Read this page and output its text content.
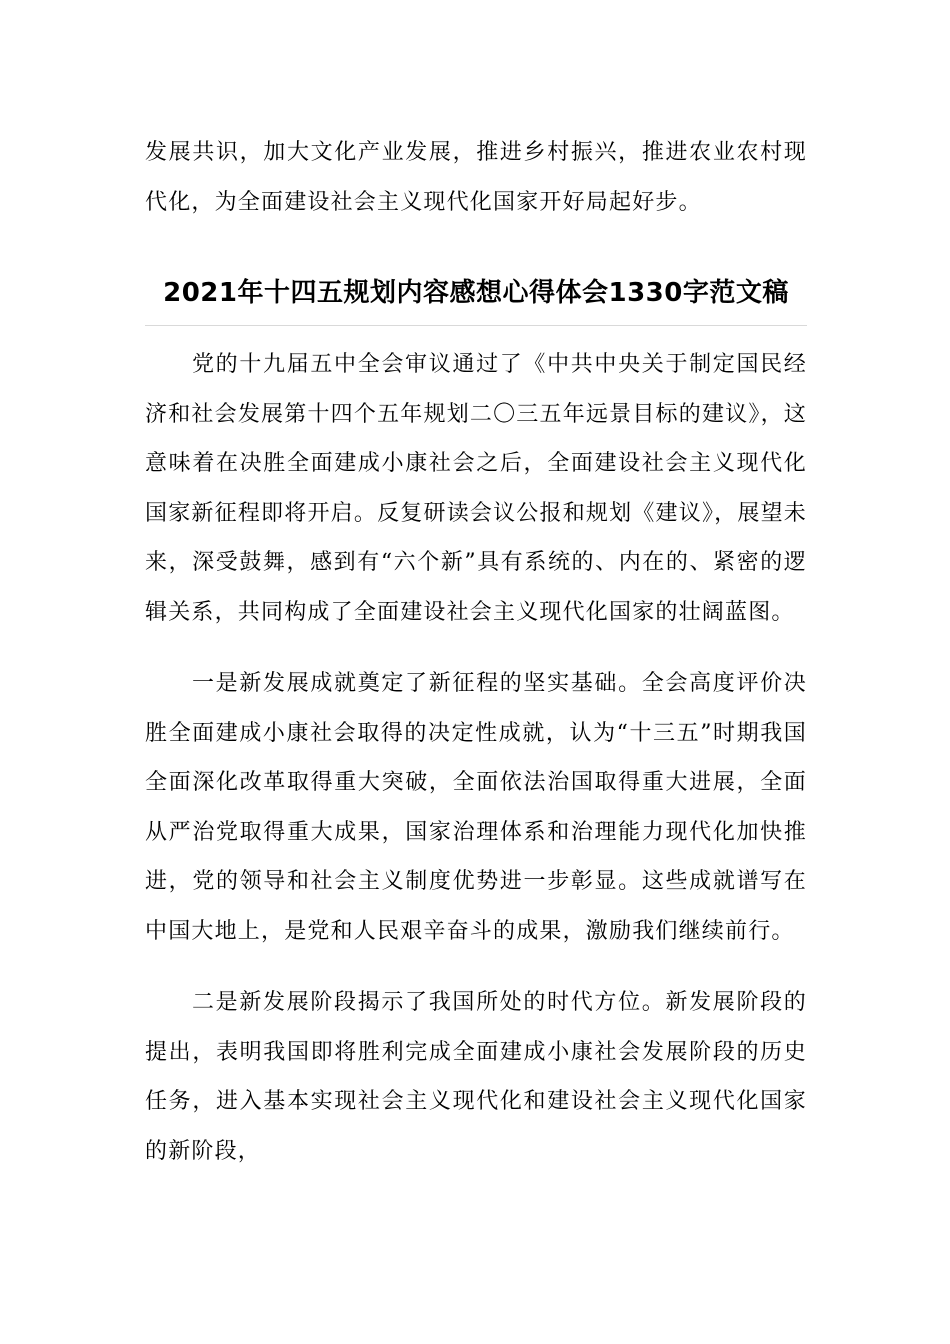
发展共识，加大文化产业发展，推进乡村振兴，推进农业农村现代化，为全面建设社会主义现代化国家开好局起好步。

2021年十四五规划内容感想心得体会1330字范文稿

党的十九届五中全会审议通过了《中共中央关于制定国民经济和社会发展第十四个五年规划二〇三五年远景目标的建议》，这意味着在决胜全面建成小康社会之后，全面建设社会主义现代化国家新征程即将开启。反复研读会议公报和规划《建议》，展望未来，深受鼓舞，感到有“六个新”具有系统的、内在的、紧密的逻辑关系，共同构成了全面建设社会主义现代化国家的壮阔蓝图。

一是新发展成就奠定了新征程的坚实基础。全会高度评价决胜全面建成小康社会取得的决定性成就，认为“十三五”时期我国全面深化改革取得重大突破，全面依法治国取得重大进展，全面从严治党取得重大成果，国家治理体系和治理能力现代化加快推进，党的领导和社会主义制度优势进一步彰显。这些成就谱写在中国大地上，是党和人民艰辛奋斗的成果，激励我们继续前行。

二是新发展阶段揭示了我国所处的时代方位。新发展阶段的提出，表明我国即将胜利完成全面建成小康社会发展阶段的历史任务，进入基本实现社会主义现代化和建设社会主义现代化国家的新阶段，
